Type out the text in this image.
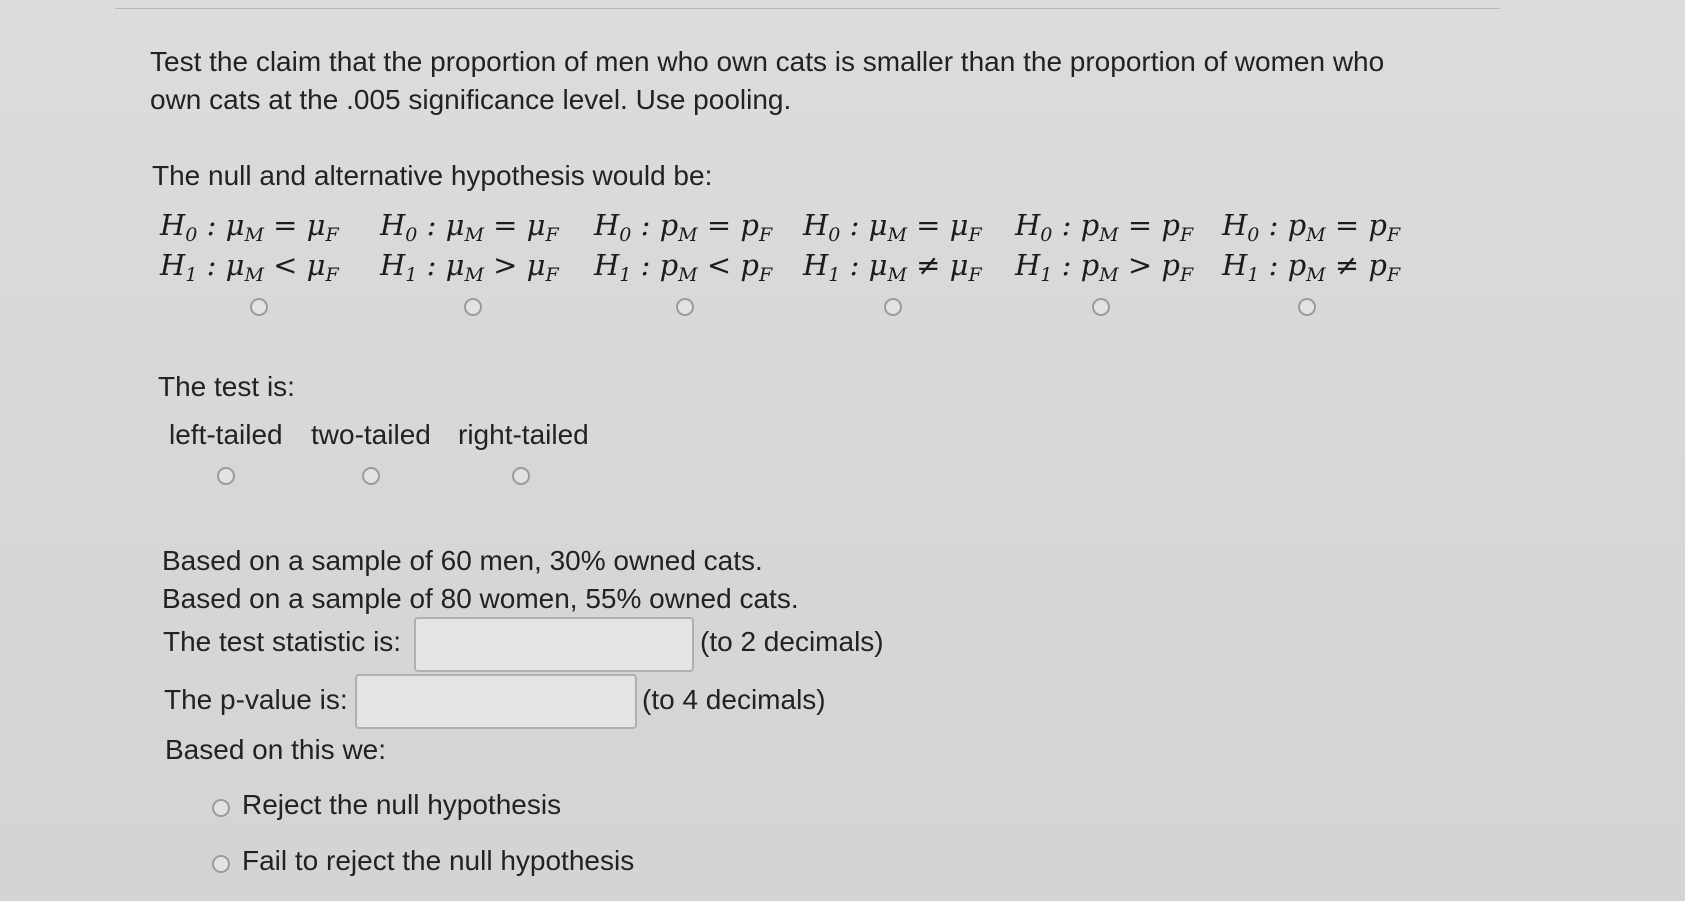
Test the claim that the proportion of men who own cats is smaller than the proportion of women who own cats at the .005 significance level. Use pooling.
The null and alternative hypothesis would be:
$H_0$ : $\mu_M = \mu_F$
$H_1$ : $\mu_M < \mu_F$
$H_0$ : $\mu_M = \mu_F$
$H_1$ : $\mu_M > \mu_F$
$H_0$ : $p_M = p_F$
$H_1$ : $p_M < p_F$
$H_0$ : $\mu_M = \mu_F$
$H_1$ : $\mu_M \ne \mu_F$
$H_0$ : $p_M = p_F$
$H_1$ : $p_M > p_F$
$H_0$ : $p_M = p_F$
$H_1$ : $p_M \ne p_F$
The test is:
left-tailed two-tailed right-tailed
Based on a sample of 60 men, 30% owned cats.
Based on a sample of 80 women, 55% owned cats.
The test statistic is:	(to 2 decimals)
The p-value is:	(to 4 decimals)
Based on this we:
Reject the null hypothesis
Fail to reject the null hypothesis
